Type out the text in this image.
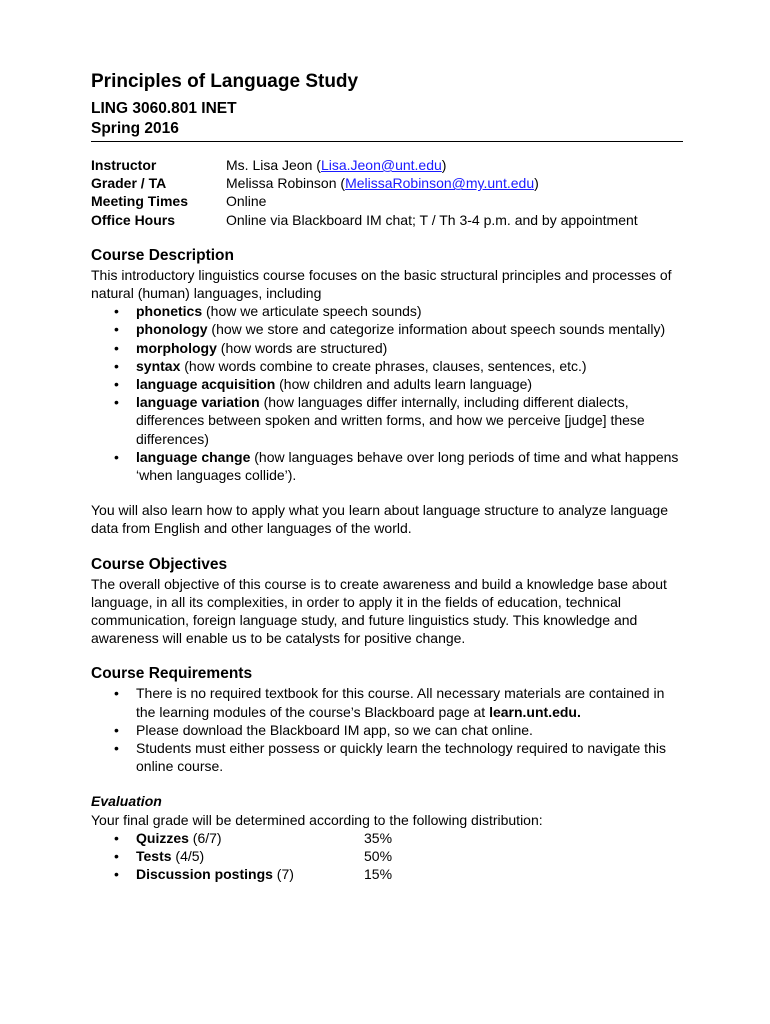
Principles of Language Study
LING 3060.801 INET
Spring 2016
Instructor	Ms. Lisa Jeon (Lisa.Jeon@unt.edu)
Grader / TA	Melissa Robinson (MelissaRobinson@my.unt.edu)
Meeting Times	Online
Office Hours	Online via Blackboard IM chat; T / Th 3-4 p.m. and by appointment
Course Description

This introductory linguistics course focuses on the basic structural principles and processes of natural (human) languages, including

• phonetics (how we articulate speech sounds)
• phonology (how we store and categorize information about speech sounds mentally)
• morphology (how words are structured)
• syntax (how words combine to create phrases, clauses, sentences, etc.)
• language acquisition (how children and adults learn language)
• language variation (how languages differ internally, including different dialects, differences between spoken and written forms, and how we perceive [judge] these differences)
• language change (how languages behave over long periods of time and what happens ‘when languages collide’).

You will also learn how to apply what you learn about language structure to analyze language data from English and other languages of the world.

Course Objectives

The overall objective of this course is to create awareness and build a knowledge base about language, in all its complexities, in order to apply it in the fields of education, technical communication, foreign language study, and future linguistics study. This knowledge and awareness will enable us to be catalysts for positive change.

Course Requirements
• There is no required textbook for this course. All necessary materials are contained in the learning modules of the course’s Blackboard page at learn.unt.edu.
• Please download the Blackboard IM app, so we can chat online.
• Students must either possess or quickly learn the technology required to navigate this online course.
Evaluation

Your final grade will be determined according to the following distribution:

• Quizzes (6/7)	35%
• Tests (4/5)	50%
• Discussion postings (7)	15%
